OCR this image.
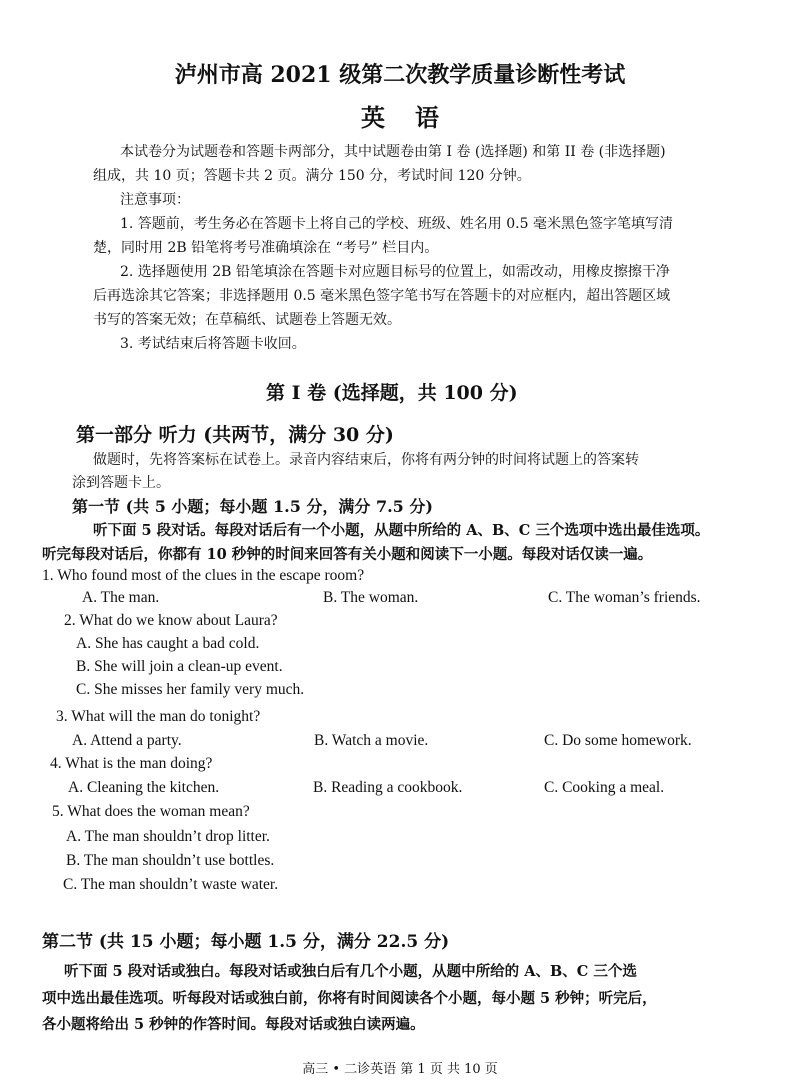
泸州市高 2021 级第二次教学质量诊断性考试
英语
本试卷分为试题卷和答题卡两部分，其中试题卷由第 I 卷 (选择题) 和第 II 卷 (非选择题)
组成，共 10 页；答题卡共 2 页。满分 150 分，考试时间 120 分钟。
注意事项：
1. 答题前，考生务必在答题卡上将自己的学校、班级、姓名用 0.5 毫米黑色签字笔填写清
楚，同时用 2B 铅笔将考号准确填涂在 “考号” 栏目内。
2. 选择题使用 2B 铅笔填涂在答题卡对应题目标号的位置上，如需改动，用橡皮擦擦干净
后再选涂其它答案；非选择题用 0.5 毫米黑色签字笔书写在答题卡的对应框内，超出答题区域
书写的答案无效；在草稿纸、试题卷上答题无效。
3. 考试结束后将答题卡收回。
第 I 卷 (选择题，共 100 分)
第一部分 听力 (共两节，满分 30 分)
做题时，先将答案标在试卷上。录音内容结束后，你将有两分钟的时间将试题上的答案转
涂到答题卡上。
第一节 (共 5 小题；每小题 1.5 分，满分 7.5 分)
听下面 5 段对话。每段对话后有一个小题，从题中所给的 A、B、C 三个选项中选出最佳选项。
听完每段对话后，你都有 10 秒钟的时间来回答有关小题和阅读下一小题。每段对话仅读一遍。
1. Who found most of the clues in the escape room?
A. The man.	B. The woman.	C. The woman’s friends.
2. What do we know about Laura?
A. She has caught a bad cold.
B. She will join a clean-up event.
C. She misses her family very much.
3. What will the man do tonight?
A. Attend a party.	B. Watch a movie.	C. Do some homework.
4. What is the man doing?
A. Cleaning the kitchen.	B. Reading a cookbook.	C. Cooking a meal.
5. What does the woman mean?
A. The man shouldn’t drop litter.
B. The man shouldn’t use bottles.
C. The man shouldn’t waste water.
第二节 (共 15 小题；每小题 1.5 分，满分 22.5 分)
听下面 5 段对话或独白。每段对话或独白后有几个小题，从题中所给的 A、B、C 三个选
项中选出最佳选项。听每段对话或独白前，你将有时间阅读各个小题，每小题 5 秒钟；听完后，
各小题将给出 5 秒钟的作答时间。每段对话或独白读两遍。
高三 • 二诊英语 第 1 页 共 10 页
